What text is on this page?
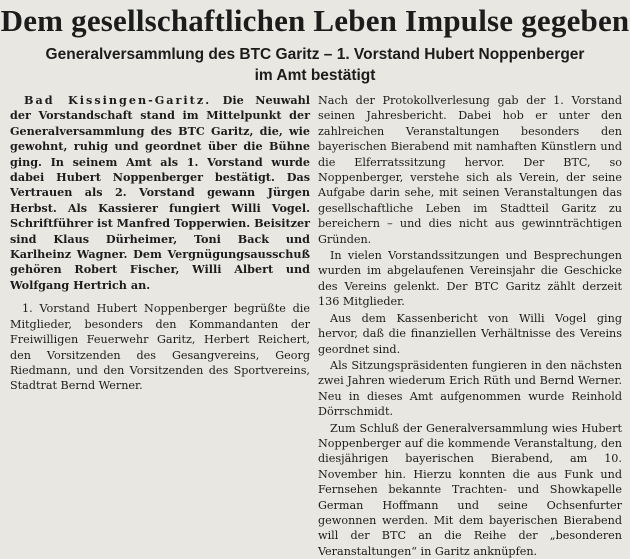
Dem gesellschaftlichen Leben Impulse gegeben
Generalversammlung des BTC Garitz – 1. Vorstand Hubert Noppenberger
im Amt bestätigt

Bad Kissingen-Garitz. Die Neuwahl der Vorstandschaft stand im Mittelpunkt der Generalversammlung des BTC Garitz, die, wie gewohnt, ruhig und geordnet über die Bühne ging. In seinem Amt als 1. Vorstand wurde dabei Hubert Noppenberger bestätigt. Das Vertrauen als 2. Vorstand gewann Jürgen Herbst. Als Kassierer fungiert Willi Vogel. Schriftführer ist Manfred Topperwien. Beisitzer sind Klaus Dürheimer, Toni Back und Karlheinz Wagner. Dem Vergnügungsausschuß gehören Robert Fischer, Willi Albert und Wolfgang Hertrich an.

1. Vorstand Hubert Noppenberger begrüßte die Mitglieder, besonders den Kommandanten der Freiwilligen Feuerwehr Garitz, Herbert Reichert, den Vorsitzenden des Gesangvereins, Georg Riedmann, und den Vorsitzenden des Sportvereins, Stadtrat Bernd Werner.

Nach der Protokollverlesung gab der 1. Vorstand seinen Jahresbericht. Dabei hob er unter den zahlreichen Veranstaltungen besonders den bayerischen Bierabend mit namhaften Künstlern und die Elferratssitzung hervor. Der BTC, so Noppenberger, verstehe sich als Verein, der seine Aufgabe darin sehe, mit seinen Veranstaltungen das gesellschaftliche Leben im Stadtteil Garitz zu bereichern – und dies nicht aus gewinnträchtigen Gründen.

In vielen Vorstandssitzungen und Besprechungen wurden im abgelaufenen Vereinsjahr die Geschicke des Vereins gelenkt. Der BTC Garitz zählt derzeit 136 Mitglieder.

Aus dem Kassenbericht von Willi Vogel ging hervor, daß die finanziellen Verhältnisse des Vereins geordnet sind.

Als Sitzungspräsidenten fungieren in den nächsten zwei Jahren wiederum Erich Rüth und Bernd Werner. Neu in dieses Amt aufgenommen wurde Reinhold Dörrschmidt.

Zum Schluß der Generalversammlung wies Hubert Noppenberger auf die kommende Veranstaltung, den diesjährigen bayerischen Bierabend, am 10. November hin. Hierzu konnten die aus Funk und Fernsehen bekannte Trachten- und Showkapelle German Hoffmann und seine Ochsenfurter gewonnen werden. Mit dem bayerischen Bierabend will der BTC an die Reihe der „besonderen Veranstaltungen“ in Garitz anknüpfen.
